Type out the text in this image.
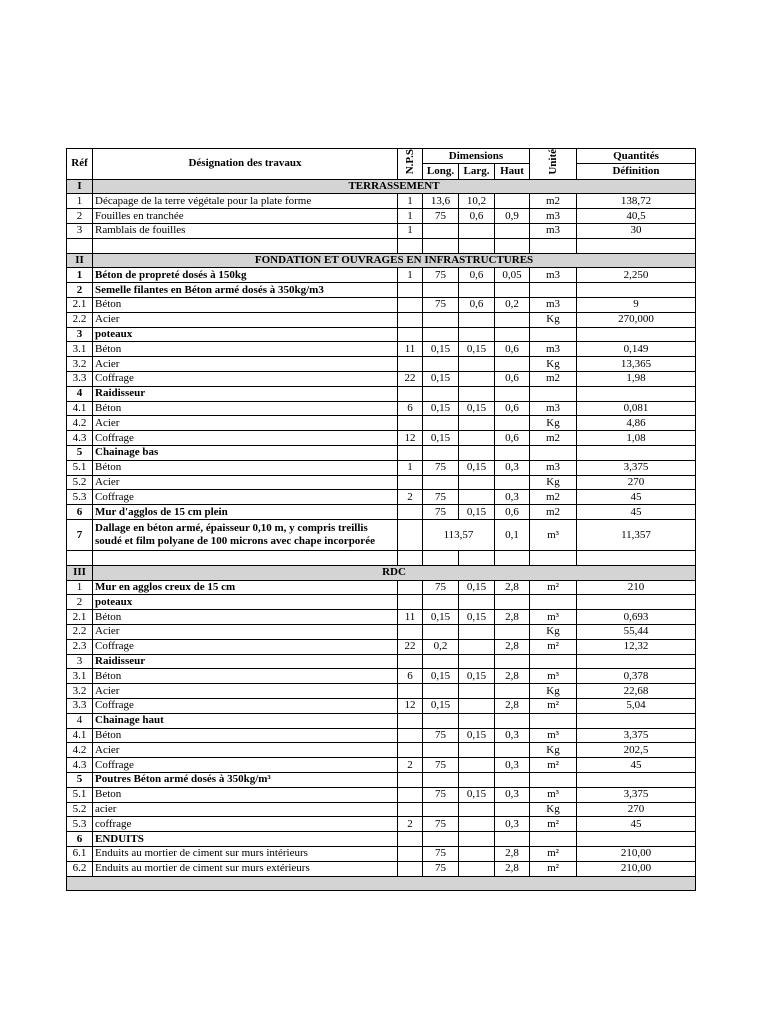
Réf	Désignation des travaux	N.P.S	Dimensions			Unité	Quantités
			Long.	Larg.	Haut		Définition
I	TERRASSEMENT						
1	Décapage de la terre végétale pour la plate forme	1	13,6	10,2		m2	138,72
2	Fouilles en tranchée	1	75	0,6	0,9	m3	40,5
3	Ramblais de fouilles	1				m3	30

II	FONDATION ET OUVRAGES EN INFRASTRUCTURES						
1	Béton de propreté dosés à 150kg	1	75	0,6	0,05	m3	2,250
2	Semelle filantes en Béton armé dosés à 350kg/m3						
2.1	Béton		75	0,6	0,2	m3	9
2.2	Acier					Kg	270,000
3	poteaux						
3.1	Béton	11	0,15	0,15	0,6	m3	0,149
3.2	Acier					Kg	13,365
3.3	Coffrage	22	0,15		0,6	m2	1,98
4	Raidisseur						
4.1	Béton	6	0,15	0,15	0,6	m3	0,081
4.2	Acier					Kg	4,86
4.3	Coffrage	12	0,15		0,6	m2	1,08
5	Chainage bas						
5.1	Béton	1	75	0,15	0,3	m3	3,375
5.2	Acier					Kg	270
5.3	Coffrage	2	75		0,3	m2	45
6	Mur d'agglos de 15 cm plein		75	0,15	0,6	m2	45
7	Dallage en béton armé, épaisseur 0,10 m, y compris treillis soudé et film polyane de 100 microns avec chape incorporée		113,57		0,1	m³	11,357

III	RDC						
1	Mur en agglos creux de 15 cm		75	0,15	2,8	m²	210
2	poteaux						
2.1	Béton	11	0,15	0,15	2,8	m³	0,693
2.2	Acier					Kg	55,44
2.3	Coffrage	22	0,2		2,8	m²	12,32
3	Raidisseur						
3.1	Béton	6	0,15	0,15	2,8	m³	0,378
3.2	Acier					Kg	22,68
3.3	Coffrage	12	0,15		2,8	m²	5,04
4	Chainage haut						
4.1	Béton		75	0,15	0,3	m³	3,375
4.2	Acier					Kg	202,5
4.3	Coffrage	2	75		0,3	m²	45
5	Poutres Béton armé dosés à 350kg/m³						
5.1	Beton		75	0,15	0,3	m³	3,375
5.2	acier					Kg	270
5.3	coffrage	2	75		0,3	m²	45
6	ENDUITS						
6.1	Enduits au mortier de ciment sur murs intérieurs		75		2,8	m²	210,00
6.2	Enduits au mortier de ciment sur murs extérieurs		75		2,8	m²	210,00
